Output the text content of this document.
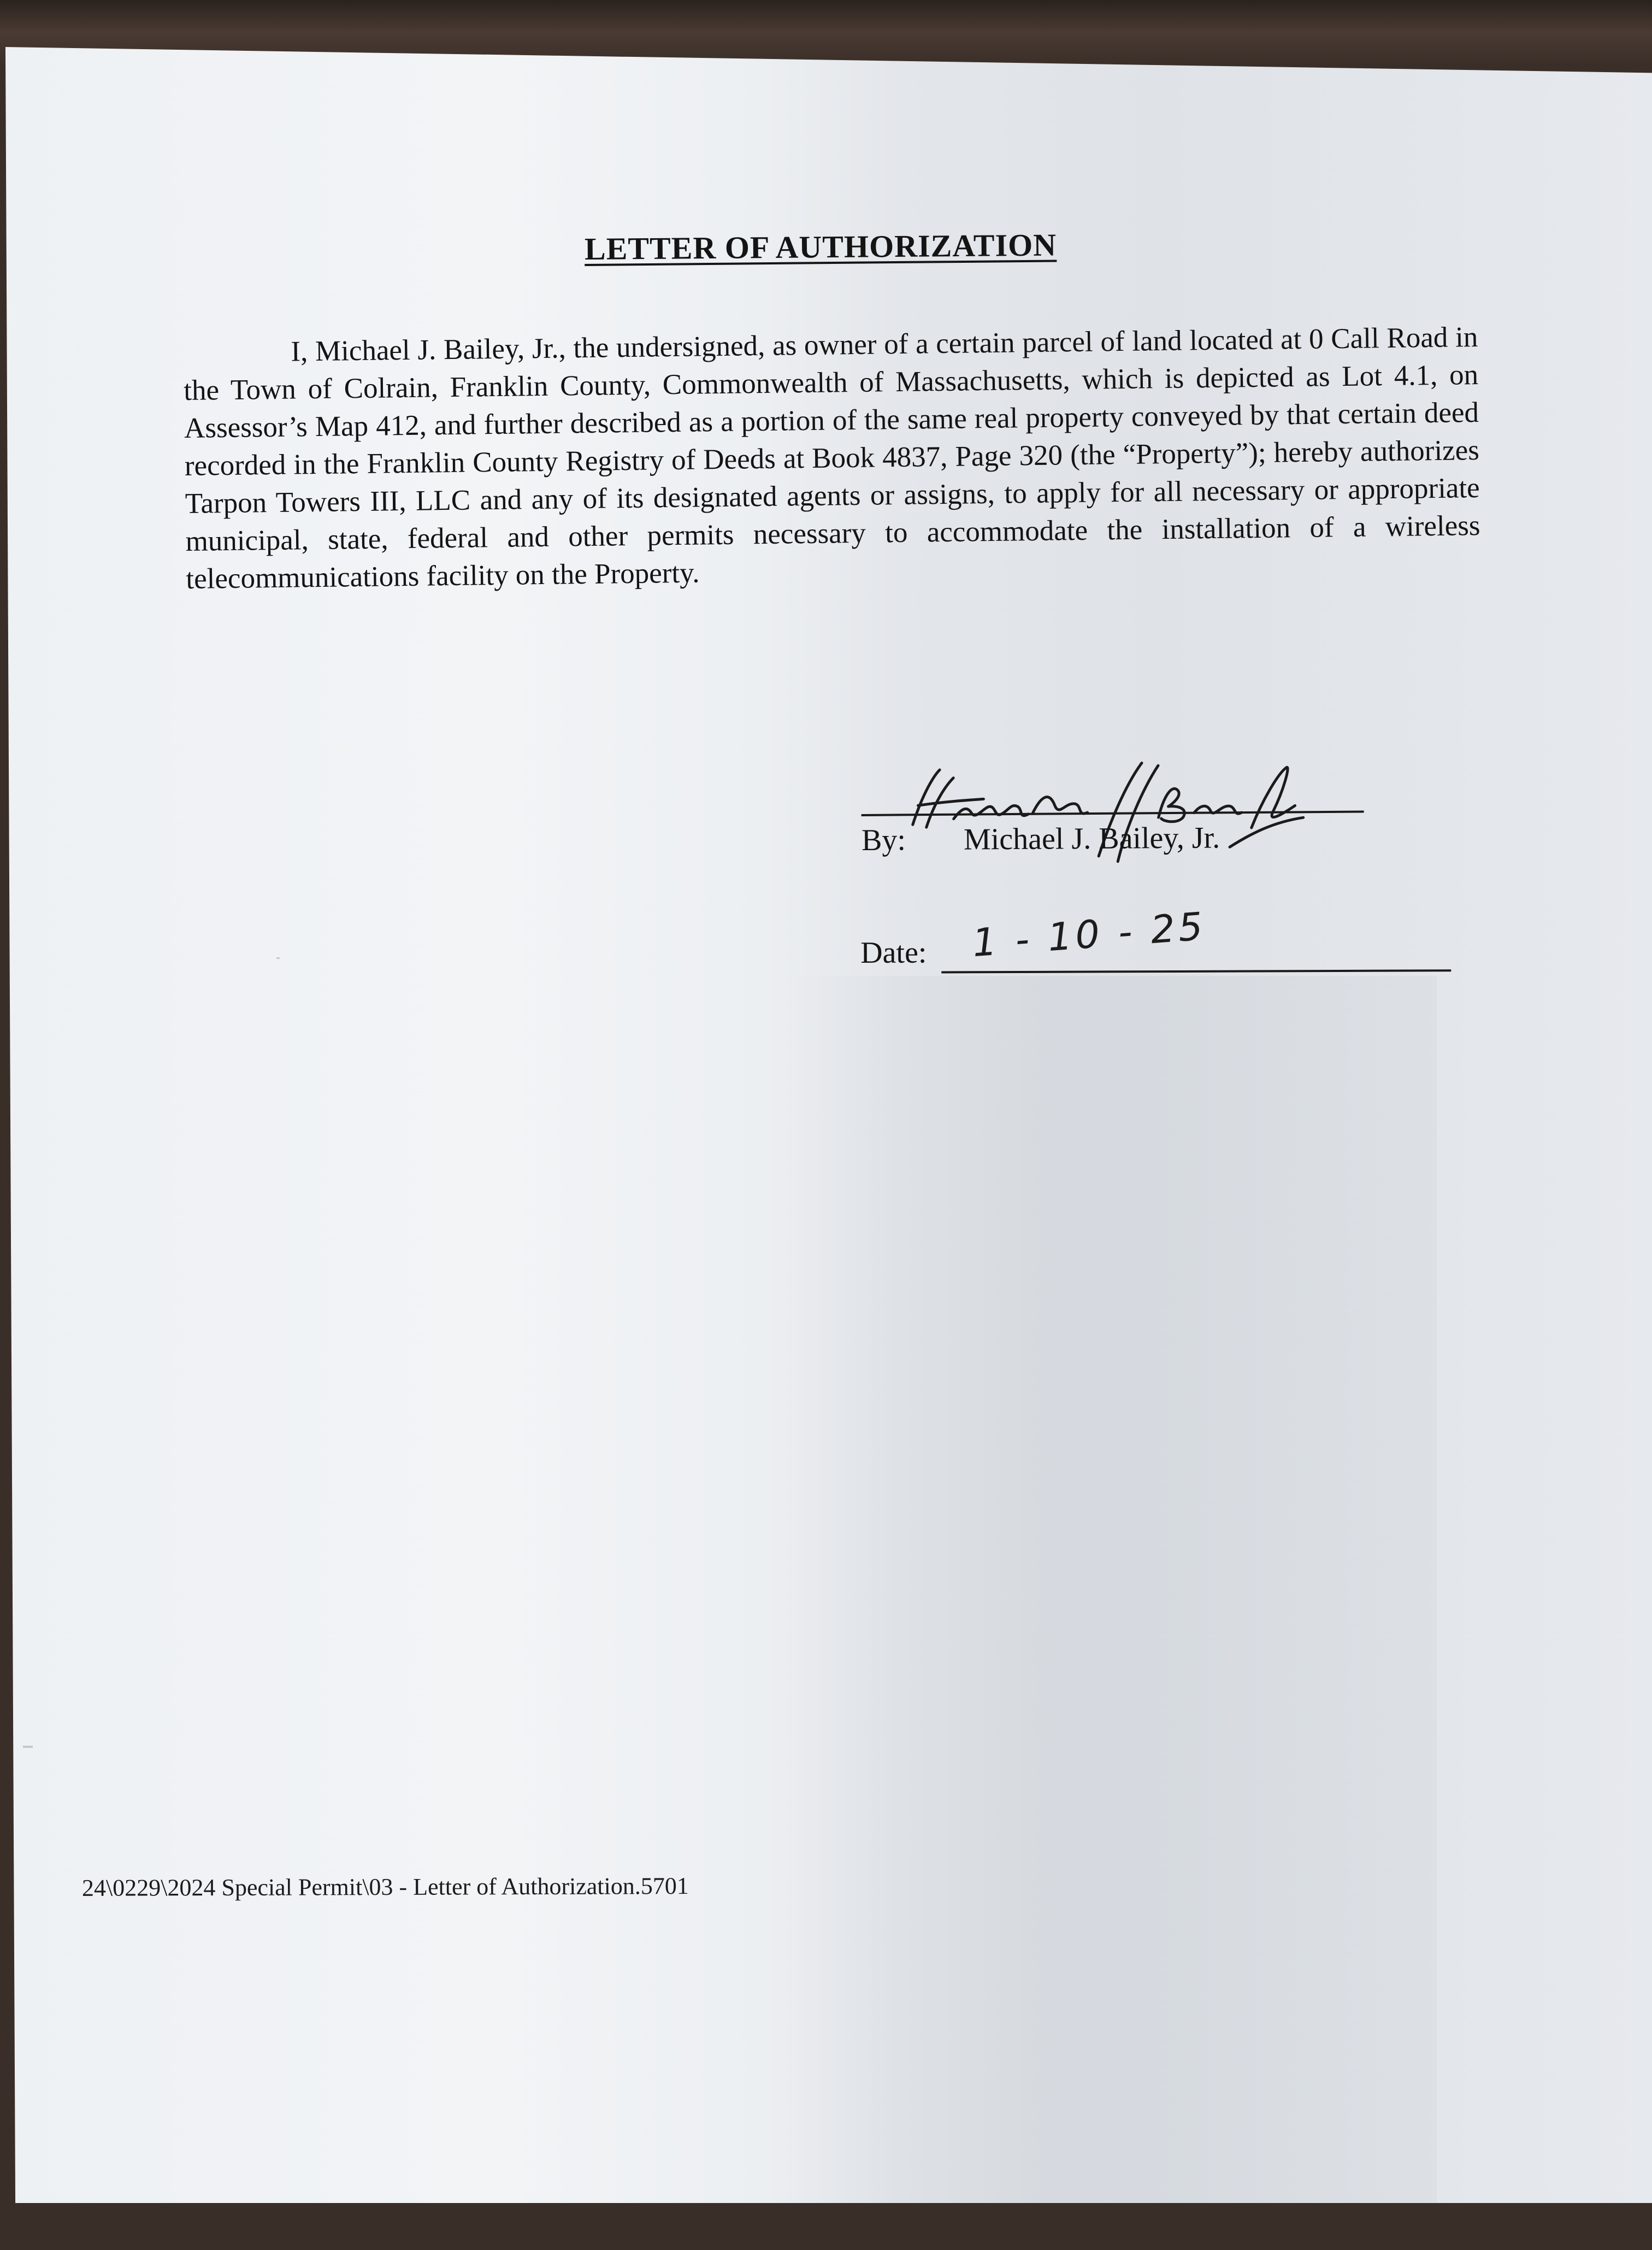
LETTER OF AUTHORIZATION
I, Michael J. Bailey, Jr., the undersigned, as owner of a certain parcel of land located at 0 Call Road in the Town of Colrain, Franklin County, Commonwealth of Massachusetts, which is depicted as Lot 4.1, on Assessor’s Map 412, and further described as a portion of the same real property conveyed by that certain deed recorded in the Franklin County Registry of Deeds at Book 4837, Page 320 (the “Property”); hereby authorizes Tarpon Towers III, LLC and any of its designated agents or assigns, to apply for all necessary or appropriate municipal, state, federal and other permits necessary to accommodate the installation of a wireless telecommunications facility on the Property.
By: Michael J. Bailey, Jr.
Date: 1 - 10 - 25
24\0229\2024 Special Permit\03 - Letter of Authorization.5701
